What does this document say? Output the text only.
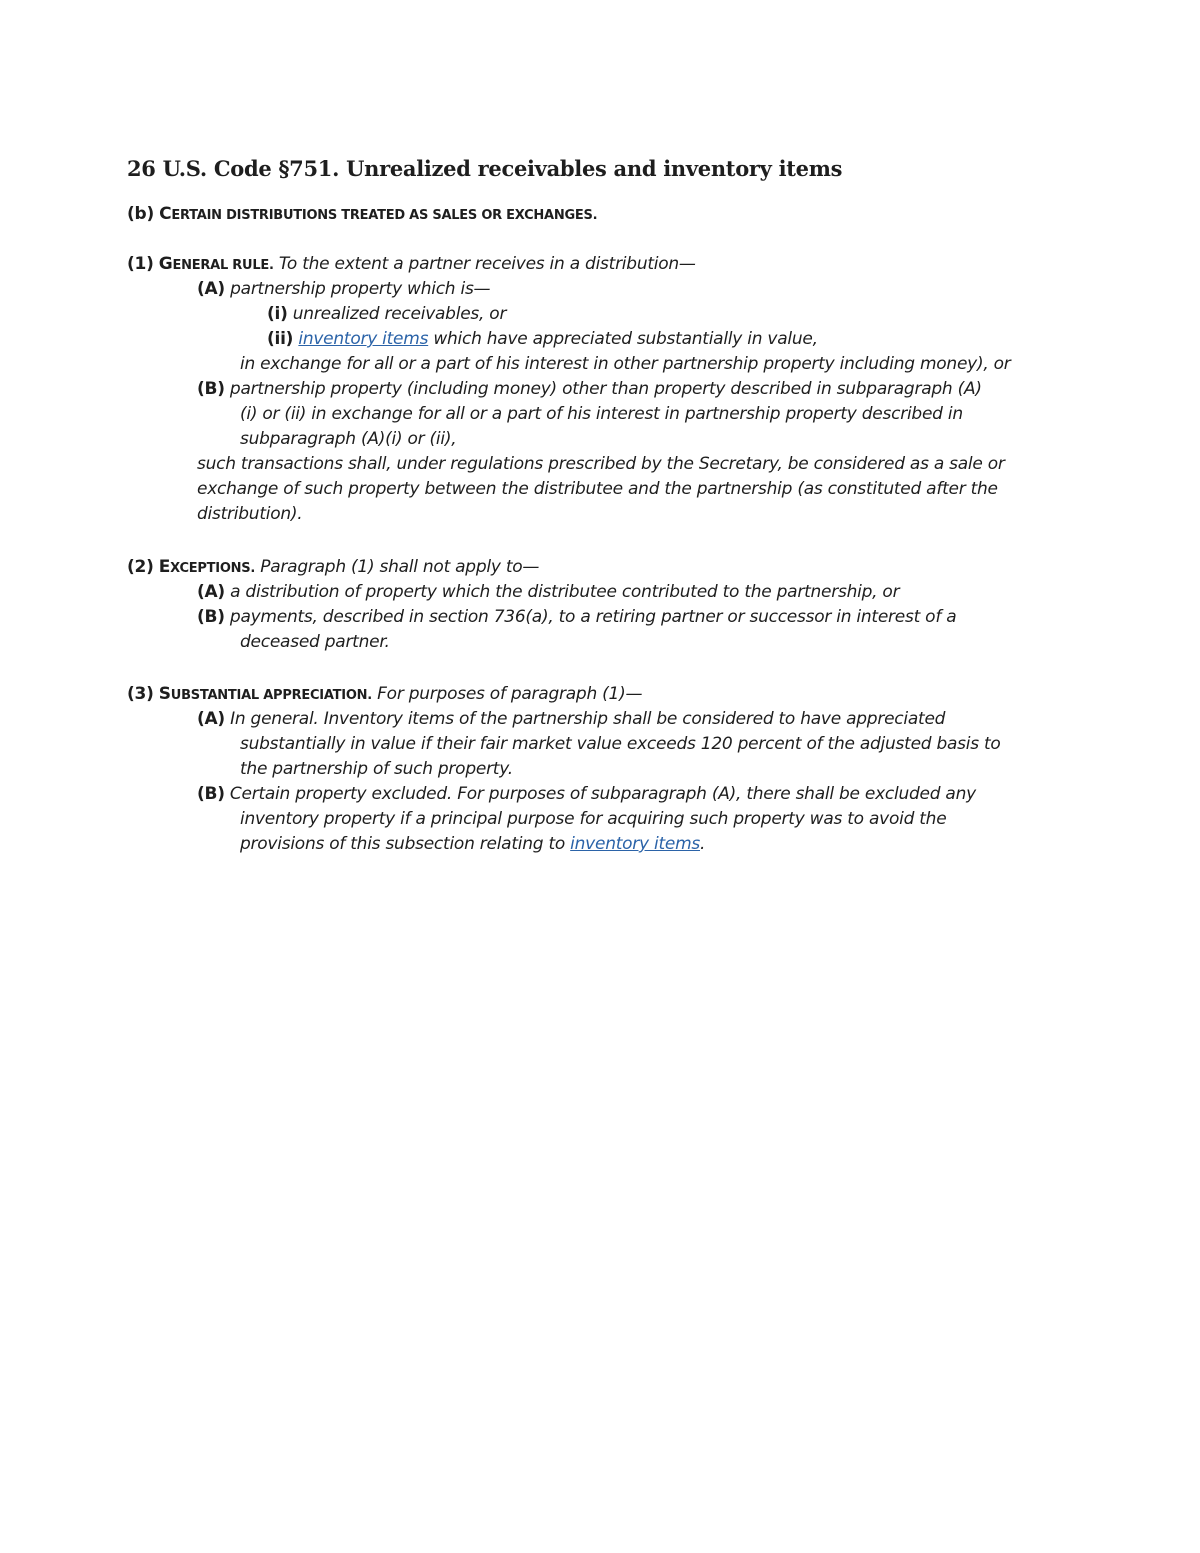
26 U.S. Code §751. Unrealized receivables and inventory items
(b) CERTAIN DISTRIBUTIONS TREATED AS SALES OR EXCHANGES.
(1) GENERAL RULE. To the extent a partner receives in a distribution—
(A) partnership property which is—
(i) unrealized receivables, or
(ii) inventory items which have appreciated substantially in value,
in exchange for all or a part of his interest in other partnership property including money), or
(B) partnership property (including money) other than property described in subparagraph (A)
(i) or (ii) in exchange for all or a part of his interest in partnership property described in
subparagraph (A)(i) or (ii),
such transactions shall, under regulations prescribed by the Secretary, be considered as a sale or
exchange of such property between the distributee and the partnership (as constituted after the
distribution).
(2) EXCEPTIONS. Paragraph (1) shall not apply to—
(A) a distribution of property which the distributee contributed to the partnership, or
(B) payments, described in section 736(a), to a retiring partner or successor in interest of a
deceased partner.
(3) SUBSTANTIAL APPRECIATION. For purposes of paragraph (1)—
(A) In general. Inventory items of the partnership shall be considered to have appreciated
substantially in value if their fair market value exceeds 120 percent of the adjusted basis to
the partnership of such property.
(B) Certain property excluded. For purposes of subparagraph (A), there shall be excluded any
inventory property if a principal purpose for acquiring such property was to avoid the
provisions of this subsection relating to inventory items.
